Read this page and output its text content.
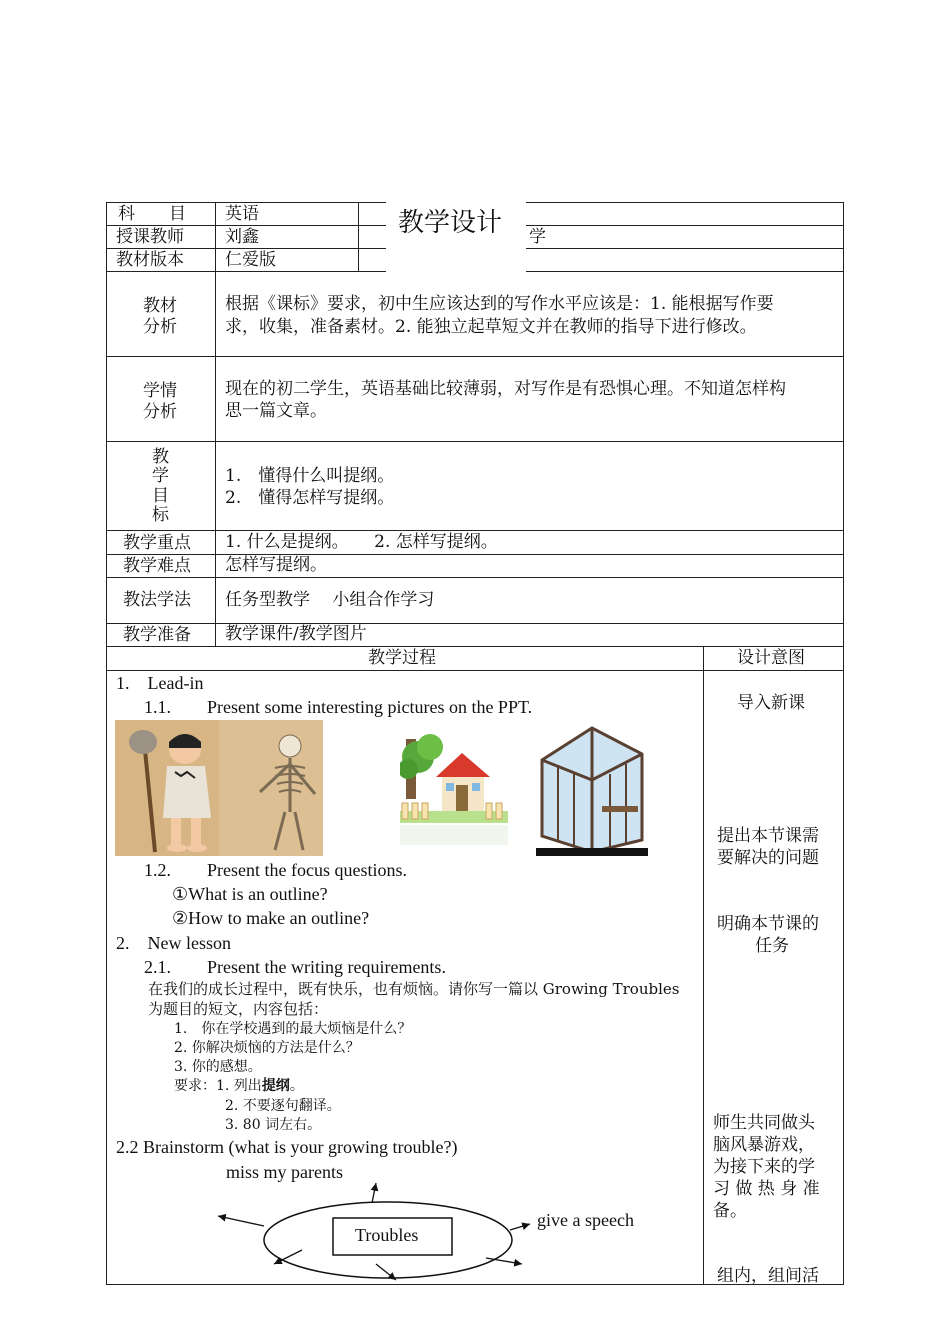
教学设计
科　　目 英语
授课教师 刘鑫	学
教材版本 仁爱版
教材
分析
根据《课标》要求，初中生应该达到的写作水平应该是：1. 能根据写作要
求，收集，准备素材。2. 能独立起草短文并在教师的指导下进行修改。
学情
分析
现在的初二学生，英语基础比较薄弱，对写作是有恐惧心理。不知道怎样构
思一篇文章。
教
学
目
标
1.　懂得什么叫提纲。
2.　懂得怎样写提纲。
教学重点 1. 什么是提纲。　　2. 怎样写提纲。
教学难点 怎样写提纲。
教法学法 任务型教学　 小组合作学习
教学准备 教学课件/教学图片
教学过程	设计意图
1.　Lead-in
1.1.　　Present some interesting pictures on the PPT.
1.2.　　Present the focus questions.
①What is an outline?
②How to make an outline?
2.　New lesson
2.1.　　Present the writing requirements.
在我们的成长过程中，既有快乐，也有烦恼。请你写一篇以 Growing Troubles
为题目的短文，内容包括：
1.　你在学校遇到的最大烦恼是什么？
2. 你解决烦恼的方法是什么？
3. 你的感想。
要求：1. 列出提纲。
2. 不要逐句翻译。
3. 80 词左右。
2.2 Brainstorm (what is your growing trouble?)
miss my parents
Troubles
give a speech
导入新课
提出本节课需
要解决的问题
明确本节课的
任务
师生共同做头
脑风暴游戏，
为接下来的学
习 做 热 身 准
备。
组内，组间活
